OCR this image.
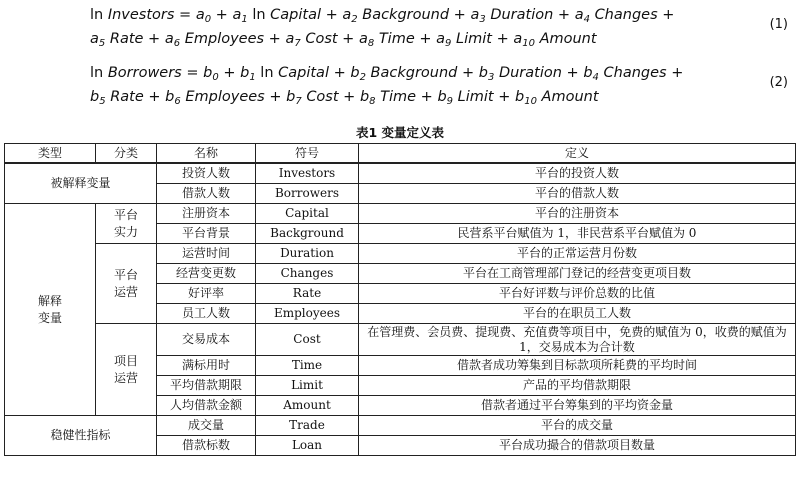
ln Investors = $a_0 + a_1$ ln Capital + $a_2$ Background + $a_3$ Duration + $a_4$ Changes +
$a_5$ Rate + $a_6$ Employees + $a_7$ Cost + $a_8$ Time + $a_9$ Limit + $a_{10}$ Amount
(1)
ln Borrowers = $b_0 + b_1$ ln Capital + $b_2$ Background + $b_3$ Duration + $b_4$ Changes +
$b_5$ Rate + $b_6$ Employees + $b_7$ Cost + $b_8$ Time + $b_9$ Limit + $b_{10}$ Amount
(2)
表1 变量定义表
类型	分类	名称	符号	定义
被解释变量		投资人数	Investors	平台的投资人数
		借款人数	Borrowers	平台的借款人数
解释变量	平台实力	注册资本	Capital	平台的注册资本
		平台背景	Background	民营系平台赋值为 1，非民营系平台赋值为 0
	平台运营	运营时间	Duration	平台的正常运营月份数
		经营变更数	Changes	平台在工商管理部门登记的经营变更项目数
		好评率	Rate	平台好评数与评价总数的比值
		员工人数	Employees	平台的在职员工人数
	项目运营	交易成本	Cost	在管理费、会员费、提现费、充值费等项目中，免费的赋值为 0，收费的赋值为 1，交易成本为合计数
		满标用时	Time	借款者成功筹集到目标款项所耗费的平均时间
		平均借款期限	Limit	产品的平均借款期限
		人均借款金额	Amount	借款者通过平台筹集到的平均资金量
稳健性指标		成交量	Trade	平台的成交量
		借款标数	Loan	平台成功撮合的借款项目数量
